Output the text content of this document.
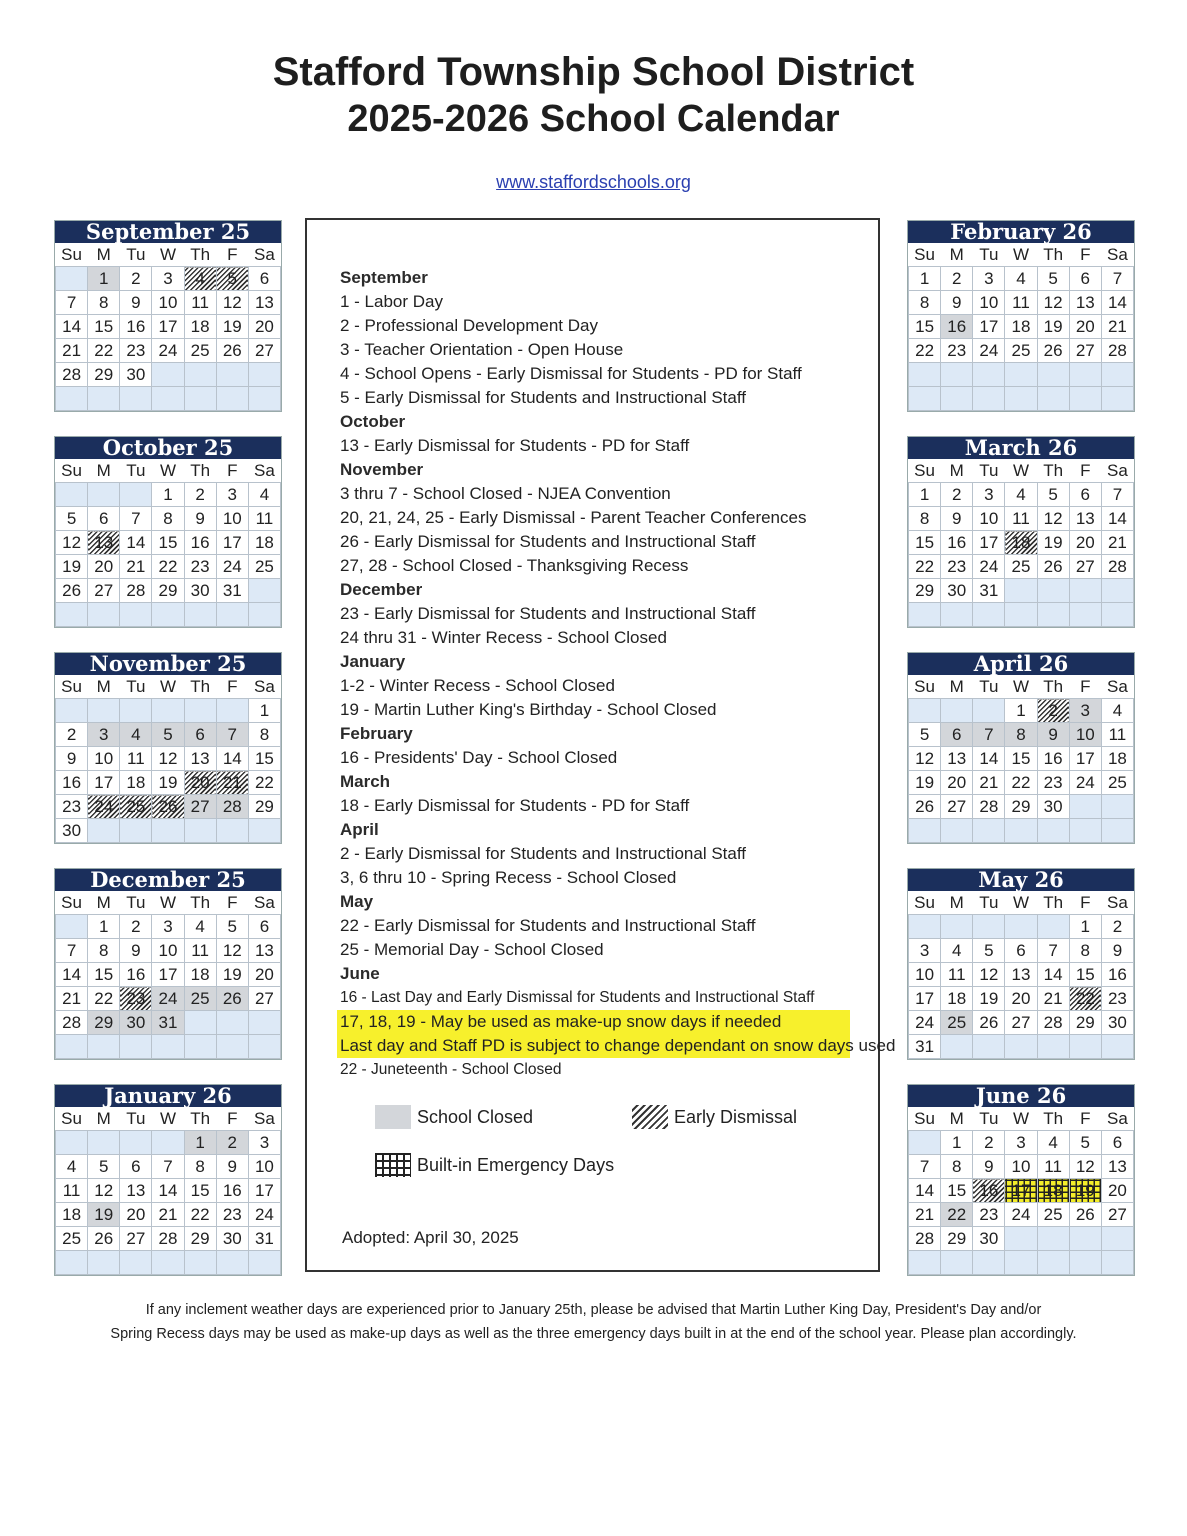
Stafford Township School District
2025-2026 School Calendar
www.staffordschools.org
September 25
Su	M	Tu	W	Th	F	Sa
	1	2	3	4	5	6
7	8	9	10	11	12	13
14	15	16	17	18	19	20
21	22	23	24	25	26	27
28	29	30				

October 25
Su	M	Tu	W	Th	F	Sa
			1	2	3	4
5	6	7	8	9	10	11
12	13	14	15	16	17	18
19	20	21	22	23	24	25
26	27	28	29	30	31	

November 25
Su	M	Tu	W	Th	F	Sa
						1
2	3	4	5	6	7	8
9	10	11	12	13	14	15
16	17	18	19	20	21	22
23	24	25	26	27	28	29
30						
December 25
Su	M	Tu	W	Th	F	Sa
	1	2	3	4	5	6
7	8	9	10	11	12	13
14	15	16	17	18	19	20
21	22	23	24	25	26	27
28	29	30	31			

January 26
Su	M	Tu	W	Th	F	Sa
				1	2	3
4	5	6	7	8	9	10
11	12	13	14	15	16	17
18	19	20	21	22	23	24
25	26	27	28	29	30	31

February 26
Su	M	Tu	W	Th	F	Sa
1	2	3	4	5	6	7
8	9	10	11	12	13	14
15	16	17	18	19	20	21
22	23	24	25	26	27	28

March 26
Su	M	Tu	W	Th	F	Sa
1	2	3	4	5	6	7
8	9	10	11	12	13	14
15	16	17	18	19	20	21
22	23	24	25	26	27	28
29	30	31				

April 26
Su	M	Tu	W	Th	F	Sa
			1	2	3	4
5	6	7	8	9	10	11
12	13	14	15	16	17	18
19	20	21	22	23	24	25
26	27	28	29	30		

May 26
Su	M	Tu	W	Th	F	Sa
					1	2
3	4	5	6	7	8	9
10	11	12	13	14	15	16
17	18	19	20	21	22	23
24	25	26	27	28	29	30
31						
June 26
Su	M	Tu	W	Th	F	Sa
	1	2	3	4	5	6
7	8	9	10	11	12	13
14	15	16	17	18	19	20
21	22	23	24	25	26	27
28	29	30				

September
1 - Labor Day
2 - Professional Development Day
3 - Teacher Orientation - Open House
4 - School Opens - Early Dismissal for Students - PD for Staff
5 - Early Dismissal for Students and Instructional Staff
October
13 - Early Dismissal for Students - PD for Staff
November
3 thru 7 - School Closed - NJEA Convention
20, 21, 24, 25 - Early Dismissal - Parent Teacher Conferences
26 - Early Dismissal for Students and Instructional Staff
27, 28 - School Closed - Thanksgiving Recess
December
23 - Early Dismissal for Students and Instructional Staff
24 thru 31 - Winter Recess - School Closed
January
1-2 - Winter Recess - School Closed
19 - Martin Luther King's Birthday - School Closed
February
16 - Presidents' Day - School Closed
March
18 - Early Dismissal for Students - PD for Staff
April
2 - Early Dismissal for Students and Instructional Staff
3, 6 thru 10 - Spring Recess - School Closed
May
22 - Early Dismissal for Students and Instructional Staff
25 - Memorial Day - School Closed
June
16 - Last Day and Early Dismissal for Students and Instructional Staff
17, 18, 19 - May be used as make-up snow days if needed
Last day and Staff PD is subject to change dependant on snow days used
22 - Juneteenth - School Closed
School Closed	Early Dismissal
Built-in Emergency Days
Adopted: April 30, 2025
If any inclement weather days are experienced prior to January 25th, please be advised that Martin Luther King Day, President's Day and/or
Spring Recess days may be used as make-up days as well as the three emergency days built in at the end of the school year. Please plan accordingly.
